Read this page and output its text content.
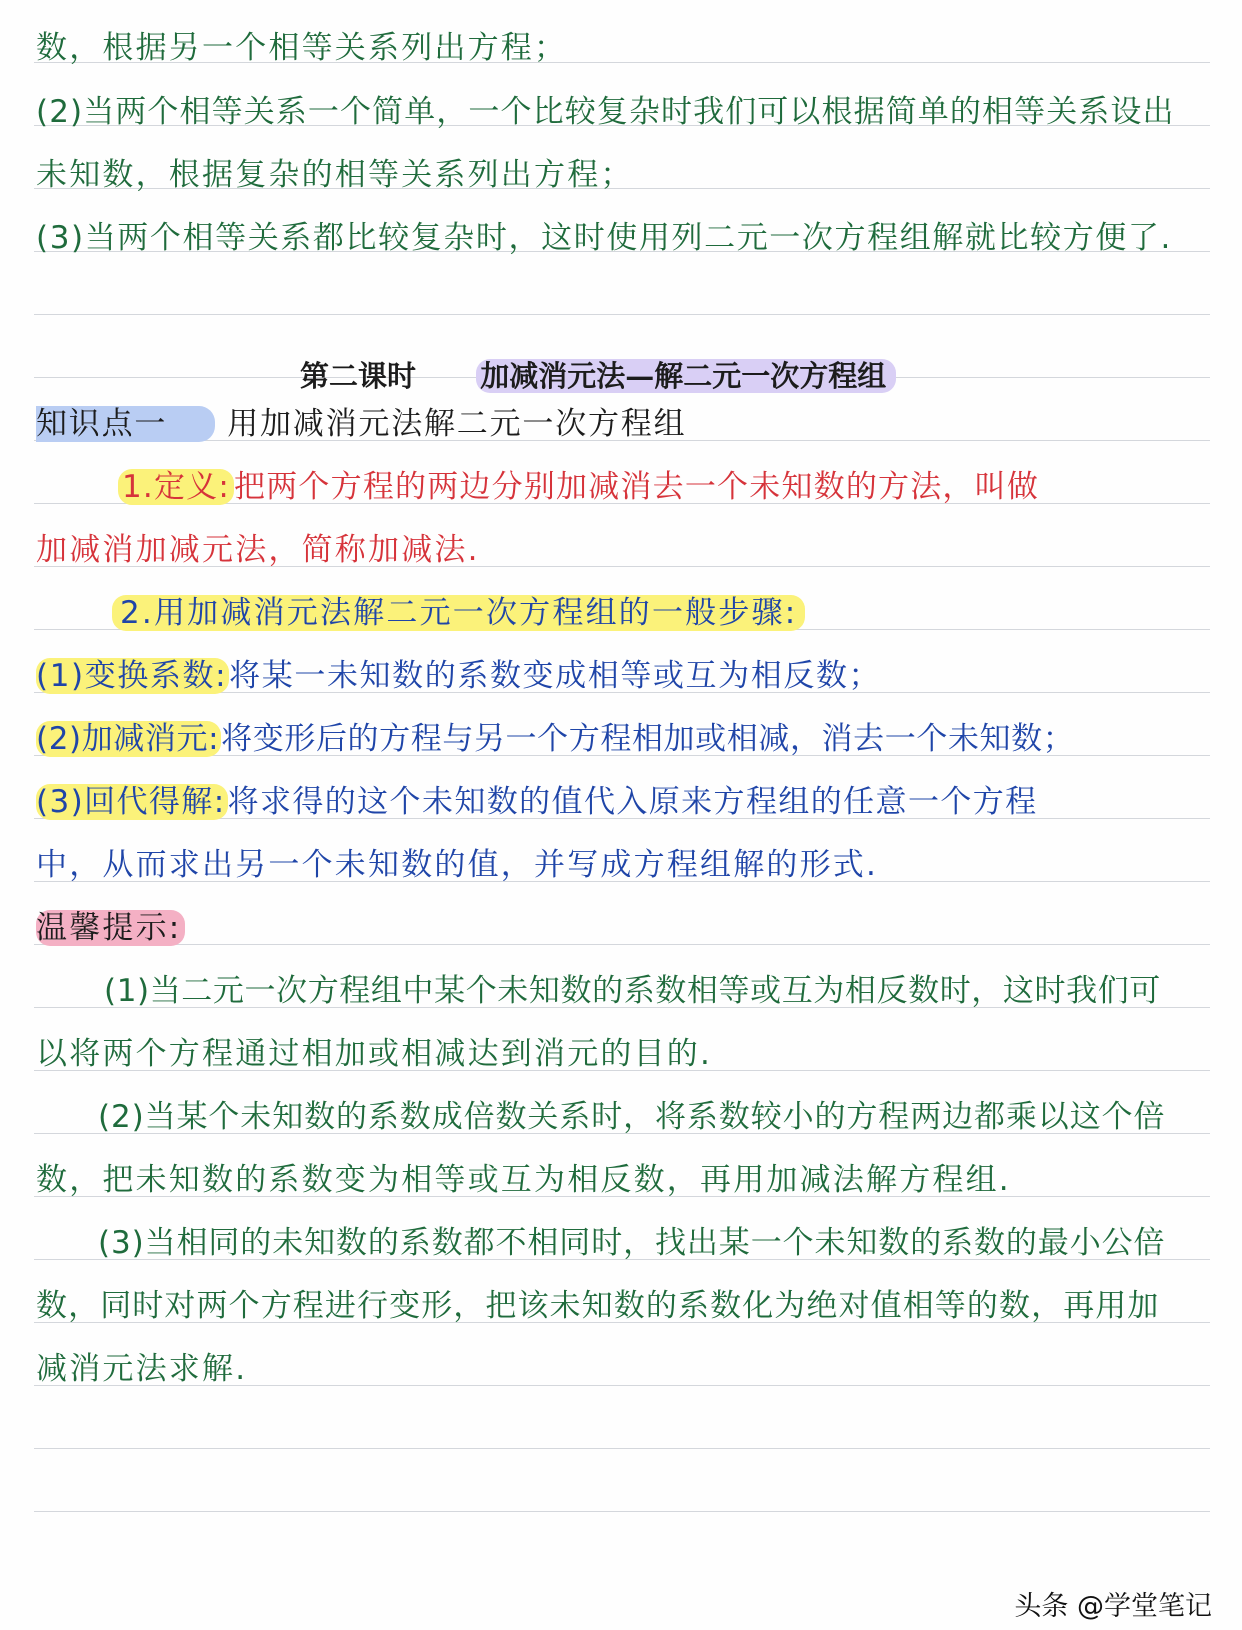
数，根据另一个相等关系列出方程；
(2)当两个相等关系一个简单，一个比较复杂时我们可以根据简单的相等关系设出
未知数，根据复杂的相等关系列出方程；
(3)当两个相等关系都比较复杂时，这时使用列二元一次方程组解就比较方便了.
第二课时 加减消元法—解二元一次方程组
知识点一 用加减消元法解二元一次方程组
1.定义: 把两个方程的两边分别加减消去一个未知数的方法，叫做
加减消加减元法，简称加减法.
2.用加减消元法解二元一次方程组的一般步骤:
(1)变换系数:将某一未知数的系数变成相等或互为相反数；
(2)加减消元:将变形后的方程与另一个方程相加或相减，消去一个未知数；
(3)回代得解:将求得的这个未知数的值代入原来方程组的任意一个方程
中，从而求出另一个未知数的值，并写成方程组解的形式.
温馨提示:
(1)当二元一次方程组中某个未知数的系数相等或互为相反数时，这时我们可
以将两个方程通过相加或相减达到消元的目的.
(2)当某个未知数的系数成倍数关系时，将系数较小的方程两边都乘以这个倍
数，把未知数的系数变为相等或互为相反数，再用加减法解方程组.
(3)当相同的未知数的系数都不相同时，找出某一个未知数的系数的最小公倍
数，同时对两个方程进行变形，把该未知数的系数化为绝对值相等的数，再用加
减消元法求解.
头条 @学堂笔记
